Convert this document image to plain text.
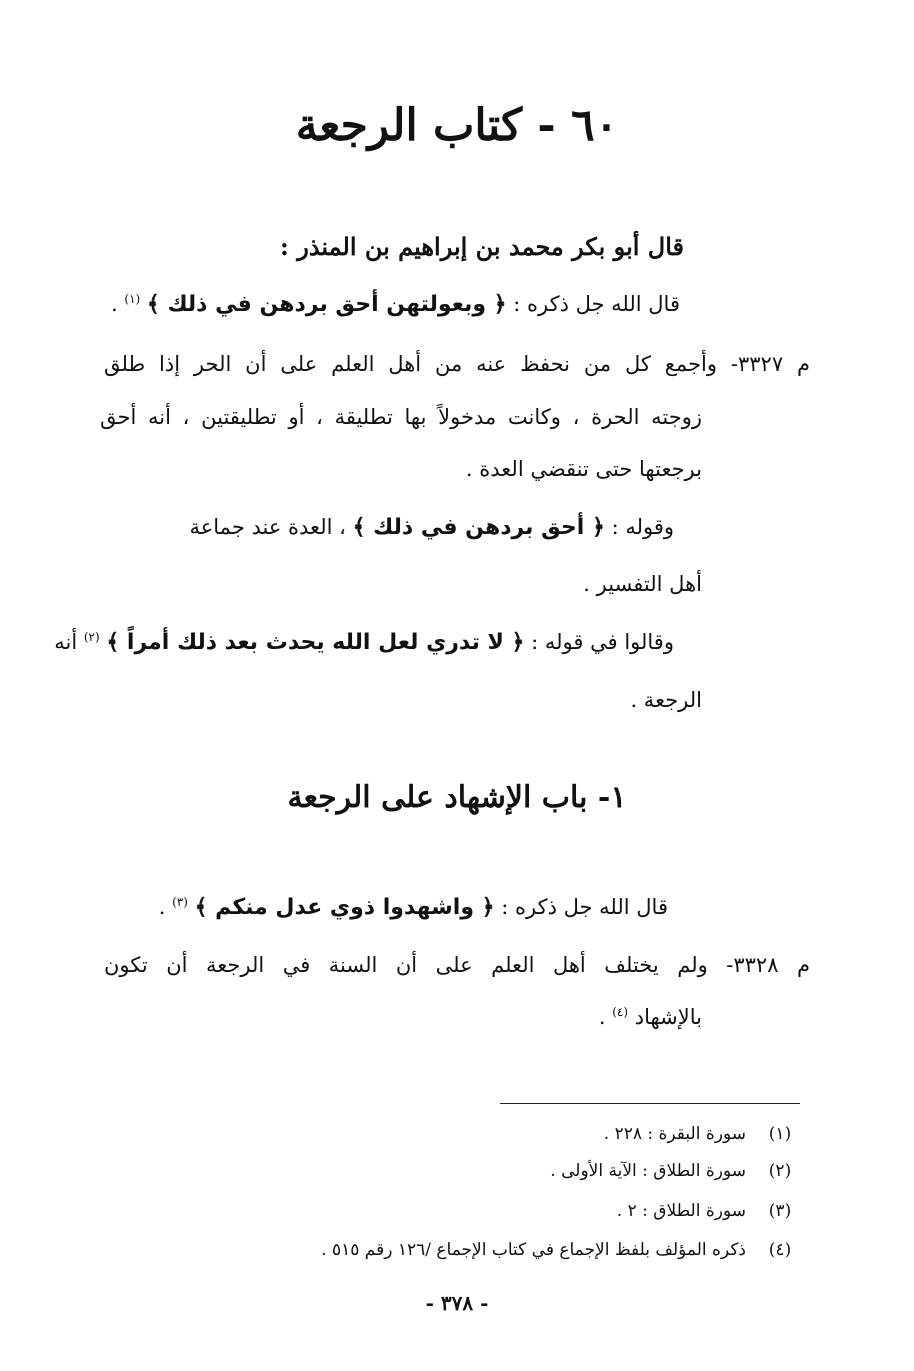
٦٠ - كتاب الرجعة
قال أبو بكر محمد بن إبراهيم بن المنذر :
قال الله جل ذكره : ﴿ وبعولتهن أحق بردهن في ذلك ﴾ $^{(١)}$ .
م ٣٣٢٧- وأجمع كل من نحفظ عنه من أهل العلم على أن الحر إذا طلق
زوجته الحرة ، وكانت مدخولاً بها تطليقة ، أو تطليقتين ، أنه أحق
برجعتها حتى تنقضي العدة .
وقوله : ﴿ أحق بردهن في ذلك ﴾ ، العدة عند جماعة
أهل التفسير .
وقالوا في قوله : ﴿ لا تدري لعل الله يحدث بعد ذلك أمراً ﴾ $^{(٢)}$ أنه
الرجعة .
١- باب الإشهاد على الرجعة
قال الله جل ذكره : ﴿ واشهدوا ذوي عدل منكم ﴾ $^{(٣)}$ .
م ٣٣٢٨- ولم يختلف أهل العلم على أن السنة في الرجعة أن تكون
بالإشهاد $^{(٤)}$ .
(١)سورة البقرة : ٢٢٨ .
(٢)سورة الطلاق : الآية الأولى .
(٣)سورة الطلاق : ٢ .
(٤)ذكره المؤلف بلفظ الإجماع في كتاب الإجماع /١٢٦ رقم ٥١٥ .
- ٣٧٨ -
